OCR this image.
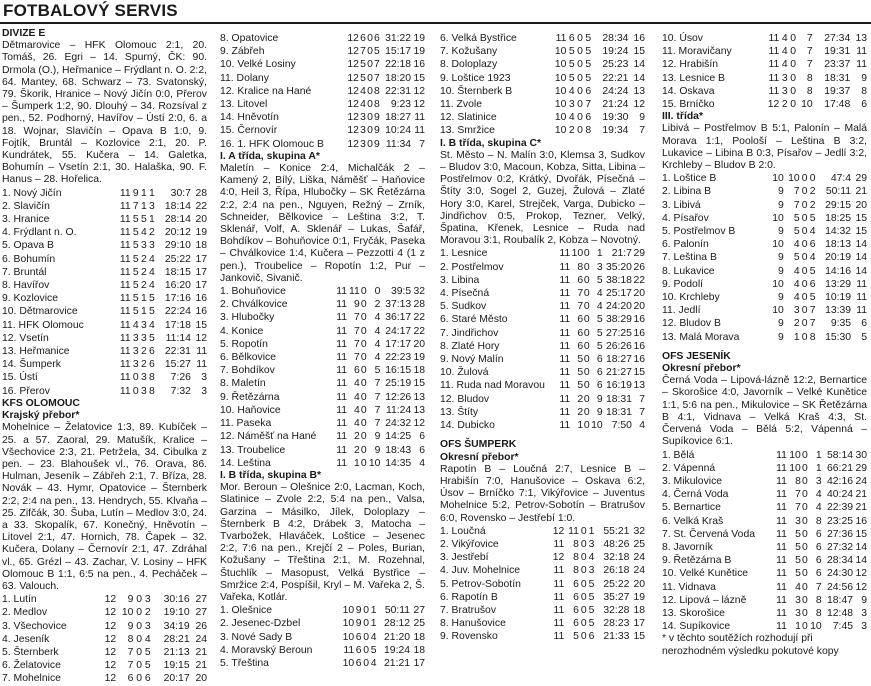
FOTBALOVÝ SERVIS
DIVIZE E
Dětmarovice – HFK Olomouc 2:1, 20. Tomáš, 26. Egri – 14. Spurný, ČK: 90. Drmola (O.), Heřmanice – Frýdlant n. O. 2:2, 64. Mantey, 68. Schwarz – 73. Svatonský, 79. Škorik, Hranice – Nový Jičín 0:0, Přerov – Šumperk 1:2, 90. Dlouhý – 34. Rozsíval z pen., 52. Podhorný, Havířov – Ústí 2:0, 6. a 18. Wojnar, Slavičín – Opava B 1:0, 9. Fojtík, Bruntál – Kozlovice 2:1, 20. P. Kundrátek, 55. Kučera – 14. Galetka, Bohumín – Vsetín 2:1, 30. Halaška, 90. F. Hanus – 28. Hořelica.
1. Nový Jičín	11	9	1	1	30:7	28
2. Slavičín	11	7	1	3	18:14	22
3. Hranice	11	5	5	1	28:14	20
4. Frýdlant n. O.	11	5	4	2	20:12	19
5. Opava B	11	5	3	3	29:10	18
6. Bohumín	11	5	2	4	25:22	17
7. Bruntál	11	5	2	4	18:15	17
8. Havířov	11	5	2	4	16:20	17
9. Kozlovice	11	5	1	5	17:16	16
10. Dětmarovice	11	5	1	5	22:24	16
11. HFK Olomouc	11	4	3	4	17:18	15
12. Vsetín	11	3	3	5	11:14	12
13. Heřmanice	11	3	2	6	22:31	11
14. Šumperk	11	3	2	6	15:27	11
15. Ústí	11	0	3	8	7:26	3
16. Přerov	11	0	3	8	7:32	3
KFS OLOMOUC
Krajský přebor*
Mohelnice – Želatovice 1:3, 89. Kubíček – 25. a 57. Zaoral, 29. Matušík, Kralice – Všechovice 2:3, 21. Petržela, 34. Cibulka z pen. – 23. Blahoušek vl., 76. Orava, 86. Hulman, Jeseník – Zábřeh 2:1, 7. Bříza, 28. Novák – 43. Hymr, Opatovice – Šternberk 2:2, 2:4 na pen., 13. Hendrych, 55. Klvaňa – 25. Zifčák, 30. Šuba, Lutín – Medlov 3:0, 24. a 33. Skopalík, 67. Konečný, Hněvotín – Litovel 2:1, 47. Hornich, 78. Čapek – 32. Kučera, Dolany – Černovír 2:1, 47. Zdráhal vl., 65. Grézl – 43. Zachar, V. Losiny – HFK Olomouc B 1:1, 6:5 na pen., 4. Pecháček – 63. Valouch.
1. Lutín	12	9	0	3	30:16	27
2. Medlov	12	10	0	2	19:10	27
3. Všechovice	12	9	0	3	34:19	26
4. Jeseník	12	8	0	4	28:21	24
5. Šternberk	12	7	0	5	21:13	21
6. Želatovice	12	7	0	5	19:15	21
7. Mohelnice	12	6	0	6	20:17	20
8. Opatovice	12	6	0	6	31:22	19
9. Zábřeh	12	7	0	5	15:17	19
10. Velké Losiny	12	5	0	7	22:18	16
11. Dolany	12	5	0	7	18:20	15
12. Kralice na Hané	12	4	0	8	22:31	12
13. Litovel	12	4	0	8	9:23	12
14. Hněvotín	12	3	0	9	18:27	11
15. Černovír	12	3	0	9	10:24	11
16. 1. HFK Olomouc B	12	3	0	9	11:34	7
I. A třída, skupina A*
Maletín – Konice 2:4, Michalčák 2 – Kamený 2, Bílý, Liška, Náměšť – Haňovice 4:0, Heil 3, Řípa, Hlubočky – SK Řetězárna 2:2, 2:4 na pen., Nguyen, Režný – Zrník, Schneider, Bělkovice – Leština 3:2, T. Sklenář, Volf, A. Sklenář – Lukas, Šafář, Bohdíkov – Bohuňovice 0:1, Fryčák, Paseka – Chválkovice 1:4, Kučera – Pezzotti 4 (1 z pen.), Troubelice – Ropotín 1:2, Pur – Jankovič, Sivanič.
1. Bohuňovice	11	11	0	0	39:5	32
2. Chválkovice	11	9	0	2	37:13	28
3. Hlubočky	11	7	0	4	36:17	22
4. Konice	11	7	0	4	24:17	22
5. Ropotín	11	7	0	4	17:17	20
6. Bělkovice	11	7	0	4	22:23	19
7. Bohdíkov	11	6	0	5	16:15	18
8. Maletín	11	4	0	7	25:19	15
9. Řetězárna	11	4	0	7	12:26	13
10. Haňovice	11	4	0	7	11:24	13
11. Paseka	11	4	0	7	24:32	12
12. Náměšť na Hané	11	2	0	9	14:25	6
13. Troubelice	11	2	0	9	18:43	6
14. Leština	11	1	0	10	14:35	4
I. B třída, skupina B*
Mor. Beroun – Olešnice 2:0, Lacman, Koch, Slatinice – Zvole 2:2, 5:4 na pen., Valsa, Garzina – Másilko, Jílek, Doloplazy – Šternberk B 4:2, Drábek 3, Matocha – Tvarbožek, Hlaváček, Loštice – Jesenec 2:2, 7:6 na pen., Krejčí 2 – Poles, Burian, Kožušany – Třeština 2:1, M. Rozehnal, Štuchlík – Masopust, Velká Bystřice – Smržice 2:4, Pospíšil, Kryl – M. Vařeka 2, Š. Vařeka, Kotlár.
1. Olešnice	10	9	0	1	50:11	27
2. Jesenec-Dzbel	10	9	0	1	28:12	25
3. Nové Sady B	10	6	0	4	21:20	18
4. Moravský Beroun	11	6	0	5	19:24	18
5. Třeština	10	6	0	4	21:21	17
6. Velká Bystřice	11	6	0	5	28:34	16
7. Kožušany	10	5	0	5	19:24	15
8. Doloplazy	10	5	0	5	25:23	14
9. Loštice 1923	10	5	0	5	22:21	14
10. Šternberk B	10	4	0	6	24:24	13
11. Zvole	10	3	0	7	21:24	12
12. Slatinice	10	4	0	6	19:30	9
13. Smržice	10	2	0	8	19:34	7
I. B třída, skupina C*
St. Město – N. Malín 3:0, Klemsa 3, Sudkov – Bludov 3:0, Macoun, Kobza, Sitta, Libina – Postřelmov 0:2, Krátký, Dvořák, Písečná – Štíty 3:0, Sogel 2, Guzej, Žulová – Zlaté Hory 3:0, Karel, Strejček, Varga, Dubicko – Jindřichov 0:5, Prokop, Tezner, Velký, Špatina, Křenek, Lesnice – Ruda nad Moravou 3:1, Roubalík 2, Kobza – Novotný.
1. Lesnice	11	10	0	1	21:7	29
2. Postřelmov	11	8	0	3	35:20	26
3. Libina	11	6	0	5	38:18	22
4. Písečná	11	7	0	4	25:17	20
5. Sudkov	11	7	0	4	24:20	20
6. Staré Město	11	6	0	5	38:29	16
7. Jindřichov	11	6	0	5	27:25	16
8. Zlaté Hory	11	6	0	5	26:26	16
9. Nový Malín	11	5	0	6	18:27	16
10. Žulová	11	5	0	6	21:27	15
11. Ruda nad Moravou	11	5	0	6	16:19	13
12. Bludov	11	2	0	9	18:31	7
13. Štíty	11	2	0	9	18:31	7
14. Dubicko	11	1	0	10	7:50	4
OFS ŠUMPERK
Okresní přebor*
Rapotín B – Loučná 2:7, Lesnice B – Hrabišín 7:0, Hanušovice – Oskava 6:2, Úsov – Brníčko 7:1, Vikýřovice – Juventus Mohelnice 5:2, Petrov-Sobotín – Bratrušov 6:0, Rovensko – Jestřebí 1:0.
1. Loučná	12	11	0	1	55:21	32
2. Vikýřovice	11	8	0	3	48:26	25
3. Jestřebí	12	8	0	4	32:18	24
4. Juv. Mohelnice	11	8	0	3	26:18	24
5. Petrov-Sobotín	11	6	0	5	25:22	20
6. Rapotín B	11	6	0	5	35:27	19
7. Bratrušov	11	6	0	5	32:28	18
8. Hanušovice	11	6	0	5	28:23	17
9. Rovensko	11	5	0	6	21:33	15
10. Úsov	11	4	0	7	27:34	13
11. Moravičany	11	4	0	7	19:31	11
12. Hrabišín	11	4	0	7	23:37	11
13. Lesnice B	11	3	0	8	18:31	9
14. Oskava	11	3	0	8	19:37	8
15. Brníčko	12	2	0	10	17:48	6
III. třída*
Libivá – Postřelmov B 5:1, Palonín – Malá Morava 1:1, Poološí – Leština B 3:2, Lukavice – Libina B 0:3, Písařov – Jedlí 3:2, Krchleby – Bludov B 2:0.
1. Loštice B	10	10	0	0	47:4	29
2. Libina B	9	7	0	2	50:11	21
3. Libivá	9	7	0	2	29:15	20
4. Písařov	10	5	0	5	18:25	15
5. Postřelmov B	9	5	0	4	14:32	15
6. Palonín	10	4	0	6	18:13	14
7. Leština B	9	5	0	4	20:19	14
8. Lukavice	9	4	0	5	14:16	14
9. Podolí	10	4	0	6	13:29	11
10. Krchleby	9	4	0	5	10:19	11
11. Jedlí	10	3	0	7	13:39	11
12. Bludov B	9	2	0	7	9:35	6
13. Malá Morava	9	1	0	8	15:30	5
OFS JESENÍK
Okresní přebor*
Černá Voda – Lipová-lázně 12:2, Bernartice – Skorošice 4:0, Javorník – Velké Kunětice 1:1, 5:6 na pen., Mikulovice – SK Řetězárna B 4:1, Vidnava – Velká Kraš 4:3, St. Červená Voda – Bělá 5:2, Vápenná – Supíkovice 6:1.
1. Bělá	11	10	0	1	58:14	30
2. Vápenná	11	10	0	1	66:21	29
3. Mikulovice	11	8	0	3	42:16	24
4. Černá Voda	11	7	0	4	40:24	21
5. Bernartice	11	7	0	4	22:39	21
6. Velká Kraš	11	3	0	8	23:25	16
7. St. Červená Voda	11	5	0	6	27:36	15
8. Javorník	11	5	0	6	27:32	14
9. Řetězárna B	11	5	0	6	28:34	14
10. Velké Kunětice	11	5	0	6	24:30	12
11. Vidnava	11	4	0	7	24:56	12
12. Lipová – lázně	11	3	0	8	18:47	9
13. Skorošice	11	3	0	8	12:48	3
14. Supíkovice	11	1	0	10	7:45	3
* v těchto soutěžích rozhodují při nerozhodném výsledku pokutové kopy
